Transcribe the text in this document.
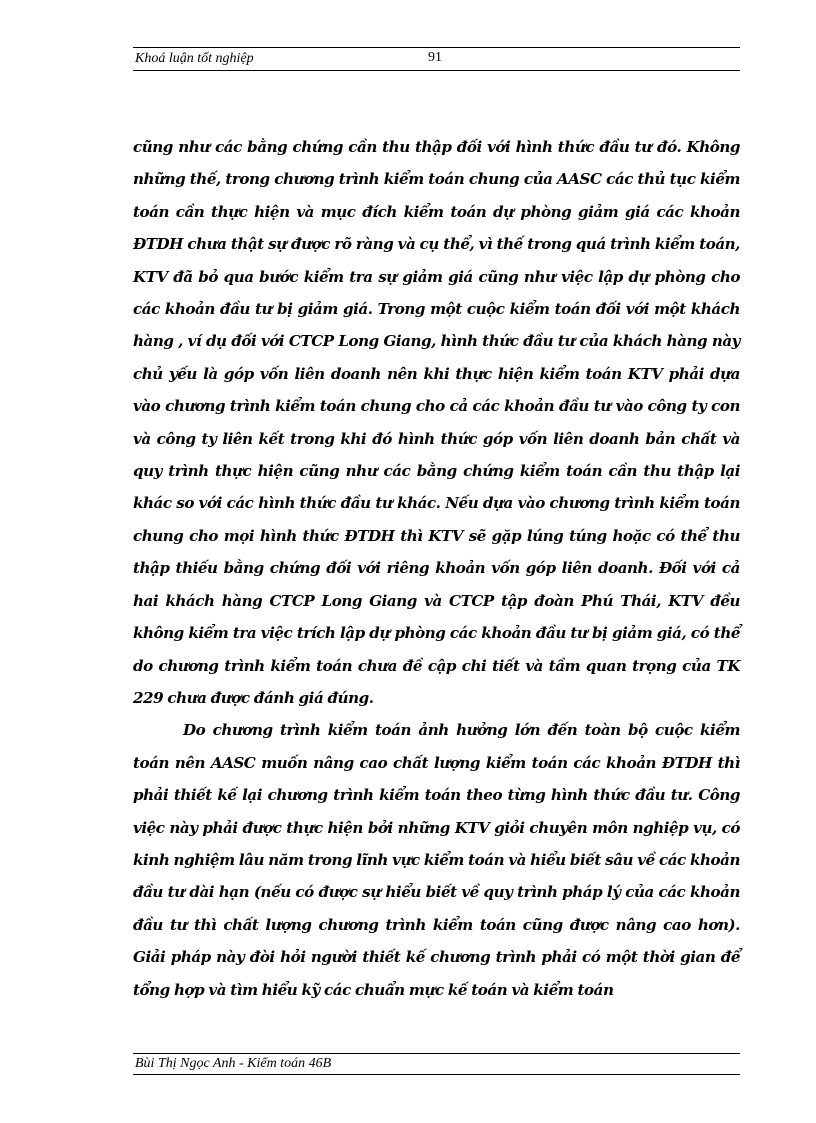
Khoá luận tốt nghiệp	91

cũng như các bằng chứng cần thu thập đối với hình thức đầu tư đó. Không những thế, trong chương trình kiểm toán chung của AASC các thủ tục kiểm toán cần thực hiện và mục đích kiểm toán dự phòng giảm giá các khoản ĐTDH chưa thật sự được rõ ràng và cụ thể, vì thế trong quá trình kiểm toán, KTV đã bỏ qua bước kiểm tra sự giảm giá cũng như việc lập dự phòng cho các khoản đầu tư bị giảm giá. Trong một cuộc kiểm toán đối với một khách hàng , ví dụ đối với CTCP Long Giang, hình thức đầu tư của khách hàng này chủ yếu là góp vốn liên doanh nên khi thực hiện kiểm toán KTV phải dựa vào chương trình kiểm toán chung cho cả các khoản đầu tư vào công ty con và công ty liên kết trong khi đó hình thức góp vốn liên doanh bản chất và quy trình thực hiện cũng như các bằng chứng kiểm toán cần thu thập lại khác so với các hình thức đầu tư khác. Nếu dựa vào chương trình kiểm toán chung cho mọi hình thức ĐTDH thì KTV sẽ gặp lúng túng hoặc có thể thu thập thiếu bằng chứng đối với riêng khoản vốn góp liên doanh. Đối với cả hai khách hàng CTCP Long Giang và CTCP tập đoàn Phú Thái, KTV đều không kiểm tra việc trích lập dự phòng các khoản đầu tư bị giảm giá, có thể do chương trình kiểm toán chưa đề cập chi tiết và tầm quan trọng của TK 229 chưa được đánh giá đúng.

Do chương trình kiểm toán ảnh hưởng lớn đến toàn bộ cuộc kiểm toán nên AASC muốn nâng cao chất lượng kiểm toán các khoản ĐTDH thì phải thiết kế lại chương trình kiểm toán theo từng hình thức đầu tư. Công việc này phải được thực hiện bởi những KTV giỏi chuyên môn nghiệp vụ, có kinh nghiệm lâu năm trong lĩnh vực kiểm toán và hiểu biết sâu về các khoản đầu tư dài hạn (nếu có được sự hiểu biết về quy trình pháp lý của các khoản đầu tư thì chất lượng chương trình kiểm toán cũng được nâng cao hơn). Giải pháp này đòi hỏi người thiết kế chương trình phải có một thời gian để tổng hợp và tìm hiểu kỹ các chuẩn mực kế toán và kiểm toán

Bùi Thị Ngọc Anh - Kiểm toán 46B
